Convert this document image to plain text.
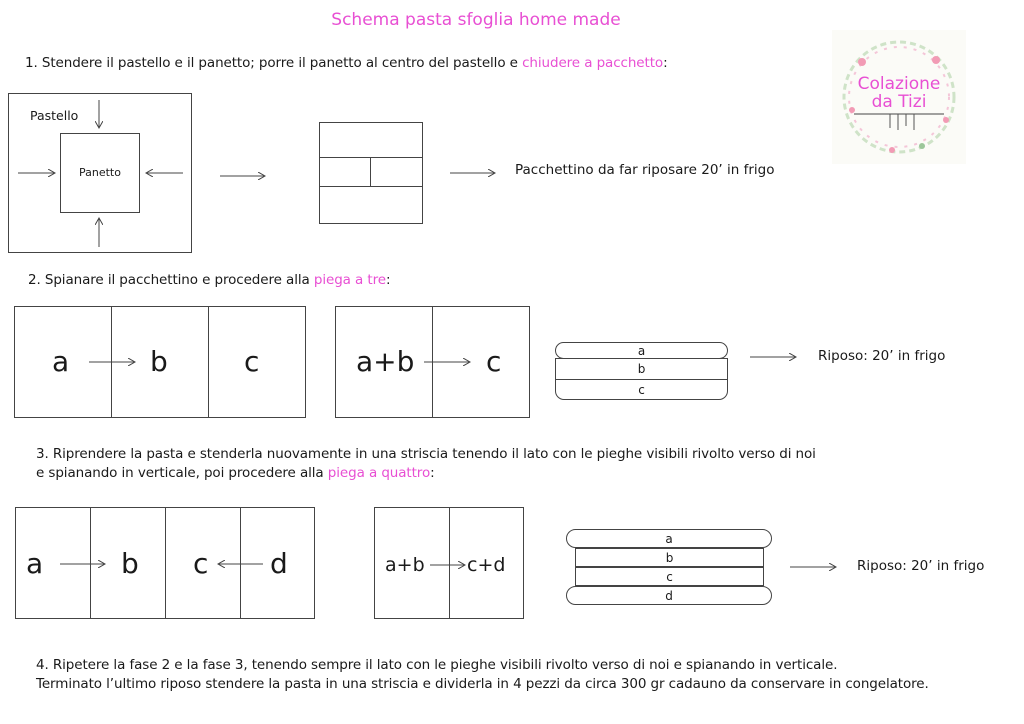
Schema pasta sfoglia home made
1. Stendere il pastello e il panetto; porre il panetto al centro del pastello e chiudere a pacchetto:
Pastello
Panetto	Pacchettino da far riposare 20’ in frigo
Colazione
da Tizi
2. Spianare il pacchettino e procedere alla piega a tre:
a	b	c	a+b	c	a
b
c
Riposo: 20’ in frigo
3. Riprendere la pasta e stenderla nuovamente in una striscia tenendo il lato con le pieghe visibili rivolto verso di noi
e spianando in verticale, poi procedere alla piega a quattro:
a	b c d	a+b c+d
a
b
c
d
Riposo: 20’ in frigo
4. Ripetere la fase 2 e la fase 3, tenendo sempre il lato con le pieghe visibili rivolto verso di noi e spianando in verticale.
Terminato l’ultimo riposo stendere la pasta in una striscia e dividerla in 4 pezzi da circa 300 gr cadauno da conservare in congelatore.
